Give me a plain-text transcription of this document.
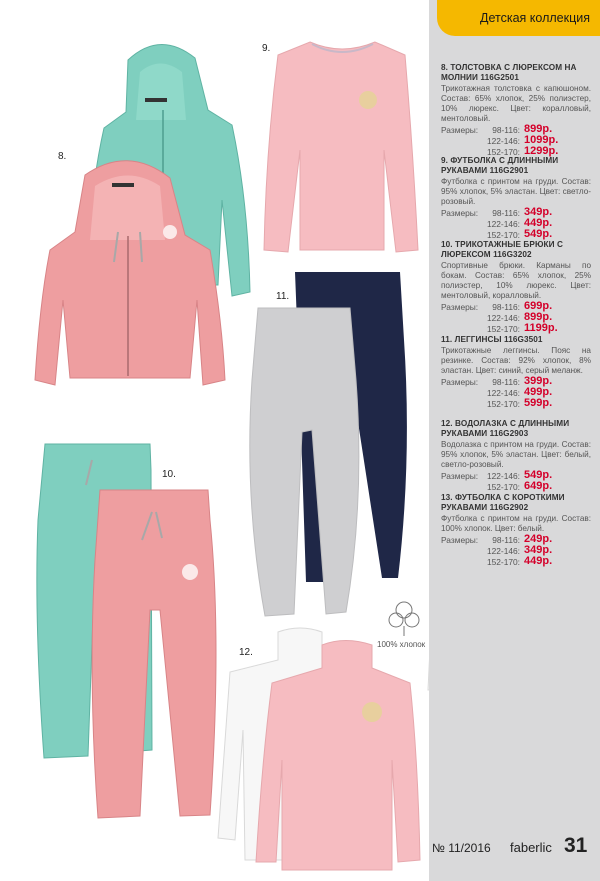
100% хлопок
8.
9.
10.
11.
12.
Детская коллекция
8. ТОЛСТОВКА С ЛЮРЕКСОМ НА МОЛНИИ 116G2501
Трикотажная толстовка с капюшоном. Состав: 65% хлопок, 25% полиэстер, 10% люрекс. Цвет: коралловый, ментоловый.
Размеры: 98-116: 899р.
122-146: 1099р.
152-170: 1299р.
9. ФУТБОЛКА С ДЛИННЫМИ РУКАВАМИ 116G2901
Футболка с принтом на груди. Состав: 95% хлопок, 5% эластан. Цвет: светло-розовый.
Размеры: 98-116: 349р.
122-146: 449р.
152-170: 549р.
10. ТРИКОТАЖНЫЕ БРЮКИ С ЛЮРЕКСОМ 116G3202
Спортивные брюки. Карманы по бокам. Состав: 65% хлопок, 25% полиэстер, 10% люрекс. Цвет: ментоловый, коралловый.
Размеры: 98-116: 699р.
122-146: 899р.
152-170: 1199р.
11. ЛЕГГИНСЫ 116G3501
Трикотажные леггинсы. Пояс на резинке. Состав: 92% хлопок, 8% эластан. Цвет: синий, серый меланж.
Размеры: 98-116: 399р.
122-146: 499р.
152-170: 599р.
12. ВОДОЛАЗКА С ДЛИННЫМИ РУКАВАМИ 116G2903
Водолазка с принтом на груди. Состав: 95% хлопок, 5% эластан. Цвет: белый, светло-розовый.
Размеры: 122-146: 549р.
152-170: 649р.
13. ФУТБОЛКА С КОРОТКИМИ РУКАВАМИ 116G2902
Футболка с принтом на груди. Состав: 100% хлопок. Цвет: белый.
Размеры: 98-116: 249р.
122-146: 349р.
152-170: 449р.
№ 11/2016 faberlic 31
